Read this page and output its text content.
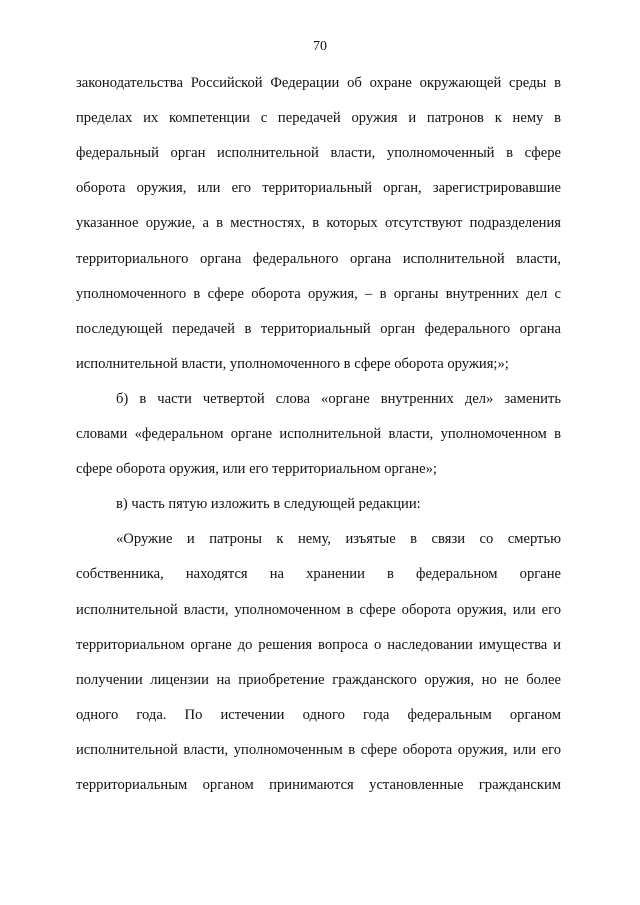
70
законодательства Российской Федерации об охране окружающей среды в
пределах их компетенции с передачей оружия и патронов к нему в
федеральный орган исполнительной власти, уполномоченный в сфере
оборота оружия, или его территориальный орган, зарегистрировавшие
указанное оружие, а в местностях, в которых отсутствуют подразделения
территориального органа федерального органа исполнительной власти,
уполномоченного в сфере оборота оружия, – в органы внутренних дел с
последующей передачей в территориальный орган федерального органа
исполнительной власти, уполномоченного в сфере оборота оружия;»;
б) в части четвертой слова «органе внутренних дел» заменить
словами «федеральном органе исполнительной власти, уполномоченном в
сфере оборота оружия, или его территориальном органе»;
в) часть пятую изложить в следующей редакции:
«Оружие и патроны к нему, изъятые в связи со смертью
собственника, находятся на хранении в федеральном органе
исполнительной власти, уполномоченном в сфере оборота оружия, или его
территориальном органе до решения вопроса о наследовании имущества и
получении лицензии на приобретение гражданского оружия, но не более
одного года. По истечении одного года федеральным органом
исполнительной власти, уполномоченным в сфере оборота оружия, или его
территориальным органом принимаются установленные гражданским
